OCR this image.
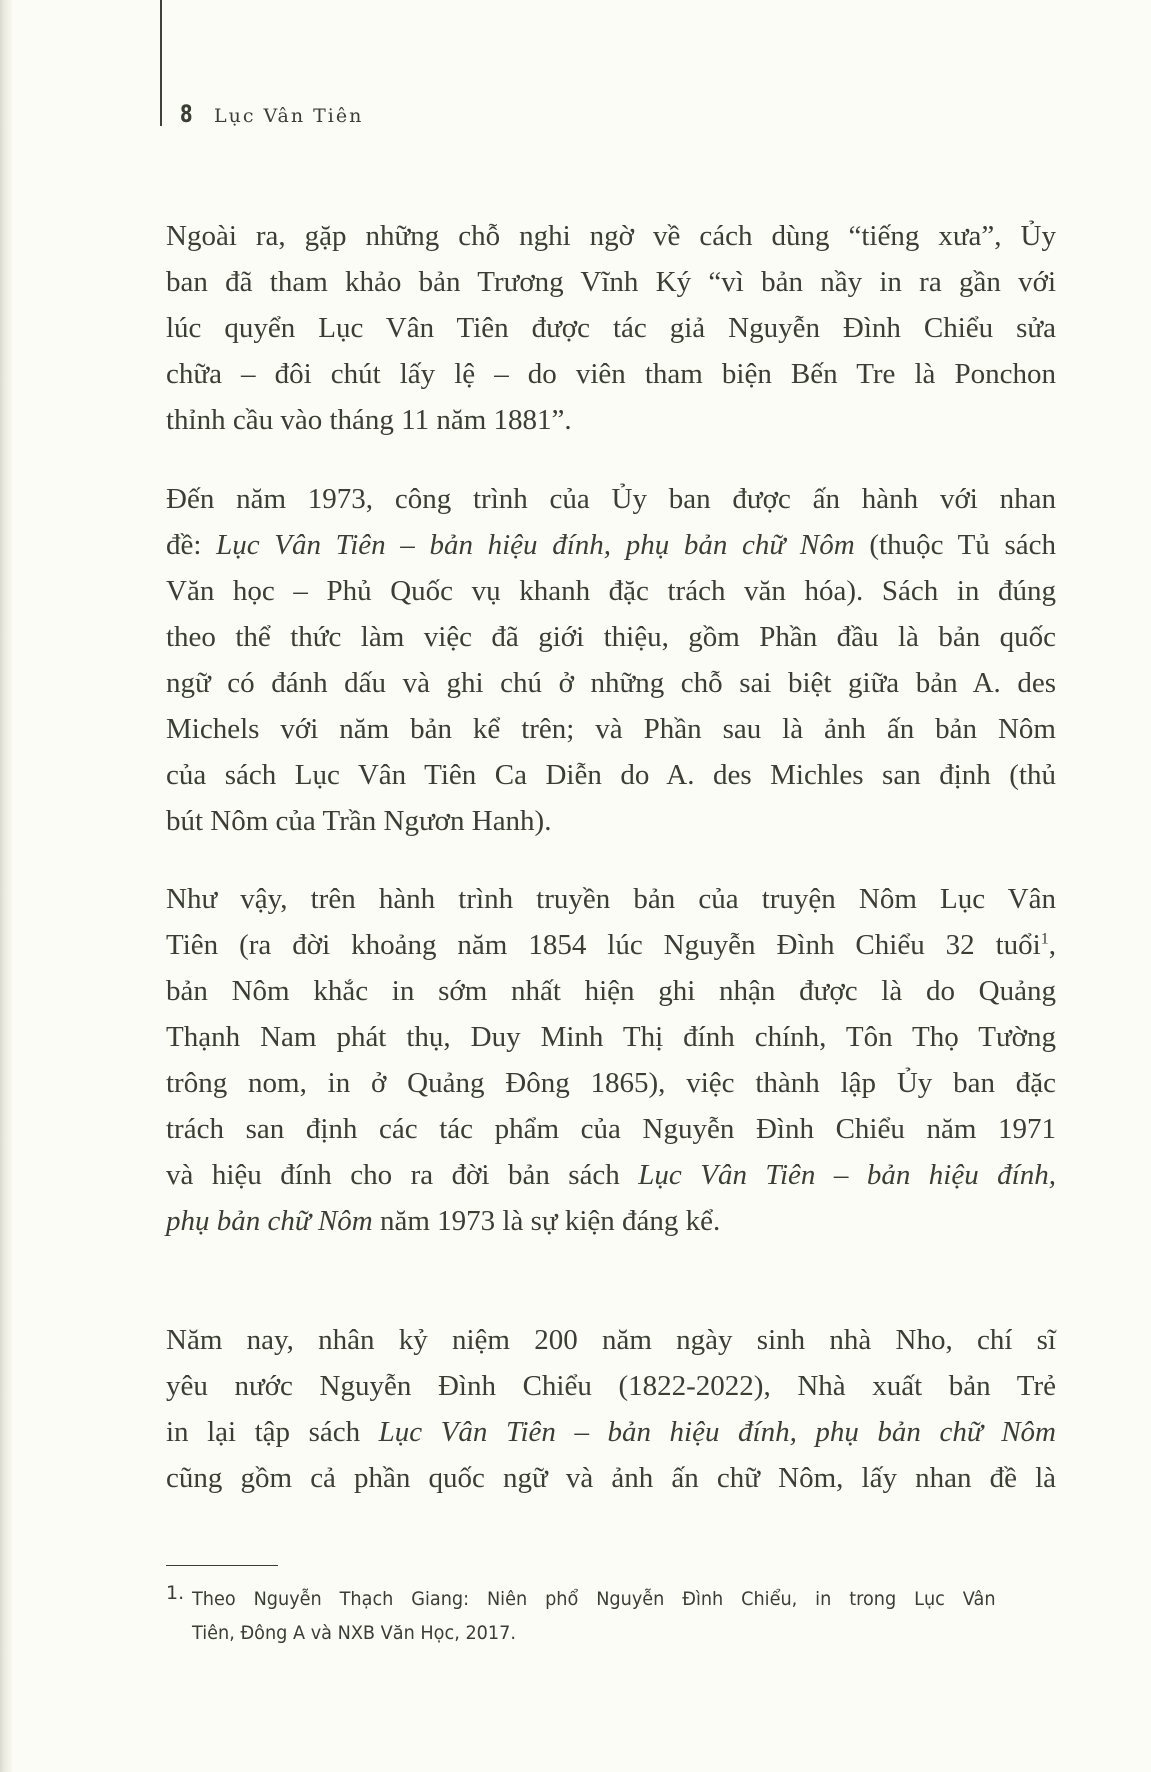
8 Lục Vân Tiên
Ngoài ra, gặp những chỗ nghi ngờ về cách dùng “tiếng xưa”, Ủy
ban đã tham khảo bản Trương Vĩnh Ký “vì bản nầy in ra gần với
lúc quyển Lục Vân Tiên được tác giả Nguyễn Đình Chiểu sửa
chữa – đôi chút lấy lệ – do viên tham biện Bến Tre là Ponchon
thỉnh cầu vào tháng 11 năm 1881”.
Đến năm 1973, công trình của Ủy ban được ấn hành với nhan
đề: Lục Vân Tiên – bản hiệu đính, phụ bản chữ Nôm (thuộc Tủ sách
Văn học – Phủ Quốc vụ khanh đặc trách văn hóa). Sách in đúng
theo thể thức làm việc đã giới thiệu, gồm Phần đầu là bản quốc
ngữ có đánh dấu và ghi chú ở những chỗ sai biệt giữa bản A. des
Michels với năm bản kể trên; và Phần sau là ảnh ấn bản Nôm
của sách Lục Vân Tiên Ca Diễn do A. des Michles san định (thủ
bút Nôm của Trần Ngươn Hanh).
Như vậy, trên hành trình truyền bản của truyện Nôm Lục Vân
Tiên (ra đời khoảng năm 1854 lúc Nguyễn Đình Chiểu 32 tuổi$^1$,
bản Nôm khắc in sớm nhất hiện ghi nhận được là do Quảng
Thạnh Nam phát thụ, Duy Minh Thị đính chính, Tôn Thọ Tường
trông nom, in ở Quảng Đông 1865), việc thành lập Ủy ban đặc
trách san định các tác phẩm của Nguyễn Đình Chiểu năm 1971
và hiệu đính cho ra đời bản sách Lục Vân Tiên – bản hiệu đính,
phụ bản chữ Nôm năm 1973 là sự kiện đáng kể.
Năm nay, nhân kỷ niệm 200 năm ngày sinh nhà Nho, chí sĩ
yêu nước Nguyễn Đình Chiểu (1822-2022), Nhà xuất bản Trẻ
in lại tập sách Lục Vân Tiên – bản hiệu đính, phụ bản chữ Nôm
cũng gồm cả phần quốc ngữ và ảnh ấn chữ Nôm, lấy nhan đề là
1. Theo Nguyễn Thạch Giang: Niên phổ Nguyễn Đình Chiểu, in trong Lục Vân
Tiên, Đông A và NXB Văn Học, 2017.
